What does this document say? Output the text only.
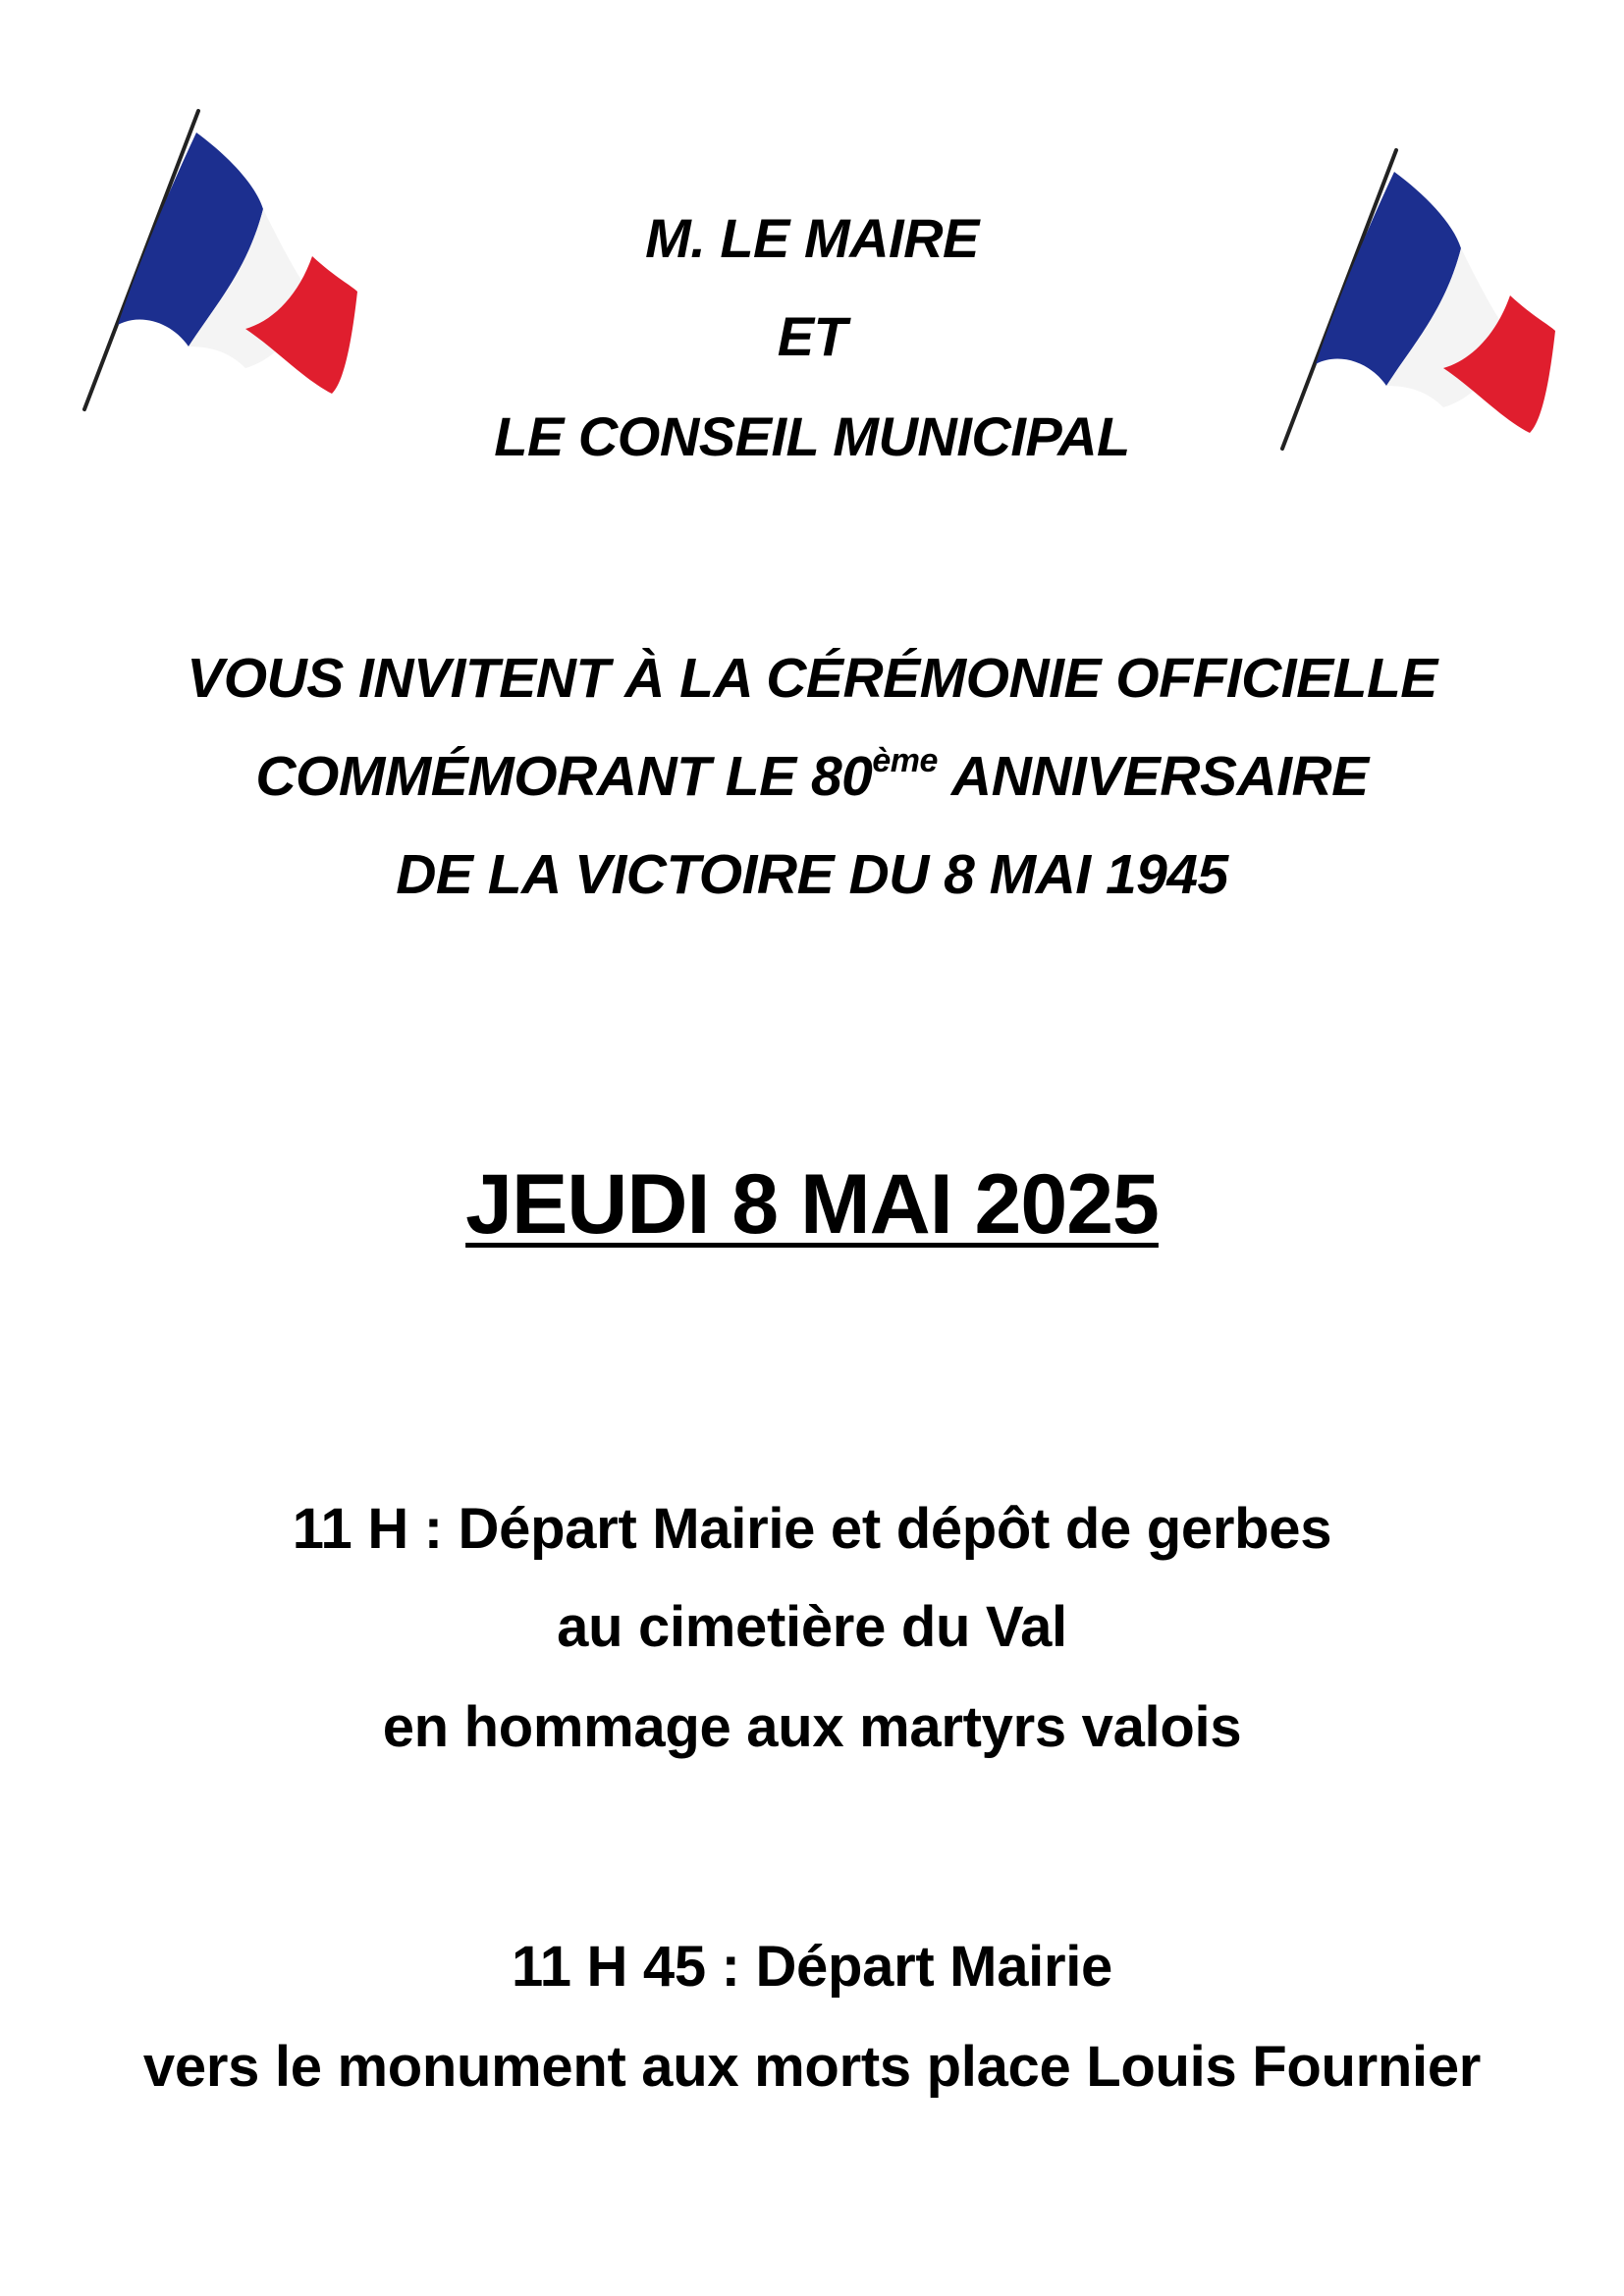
M. LE MAIRE

ET

LE CONSEIL MUNICIPAL

VOUS INVITENT À LA CÉRÉMONIE OFFICIELLE

COMMÉMORANT LE 80ème ANNIVERSAIRE

DE LA VICTOIRE DU 8 MAI 1945

JEUDI 8 MAI 2025

11 H : Départ Mairie et dépôt de gerbes

au cimetière du Val

en hommage aux martyrs valois

11 H 45 : Départ Mairie

vers le monument aux morts place Louis Fournier
